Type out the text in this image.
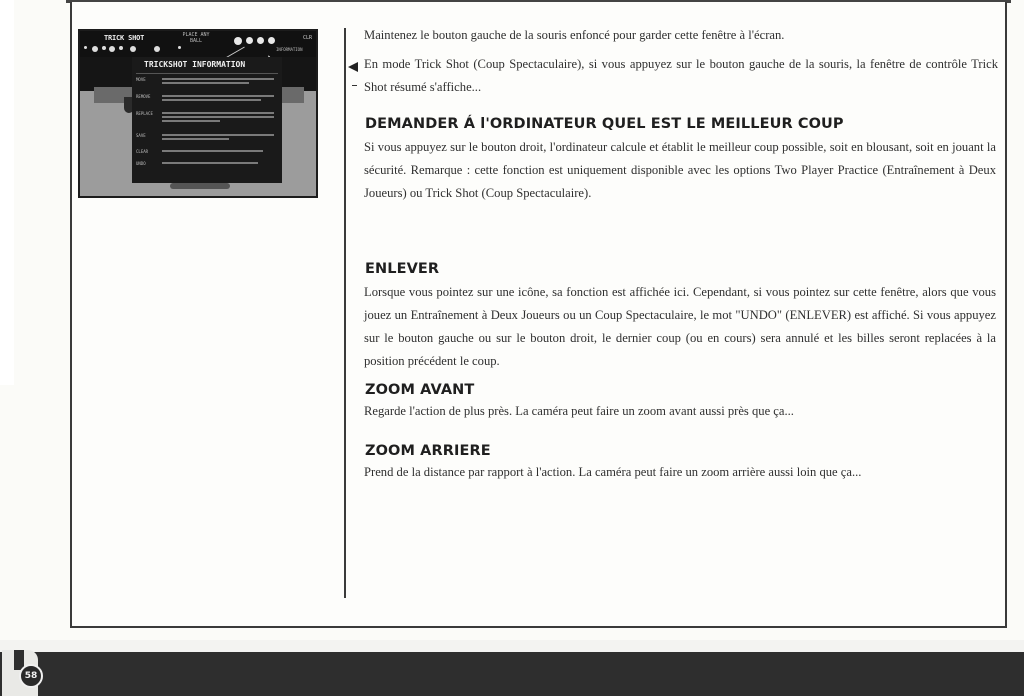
TRICK SHOT	PLACE ANY BALL	CLR
INFORMATION
TRICKSHOT INFORMATION
MOVE
REMOVE
REPLACE
SAVE
CLEAR
UNDO

Maintenez le bouton gauche de la souris enfoncé pour garder cette fenêtre à l'écran.

En mode Trick Shot (Coup Spectaculaire), si vous appuyez sur le bouton gauche de la souris, la fenêtre de contrôle Trick Shot résumé s'affiche...

DEMANDER Á l'ORDINATEUR QUEL EST LE MEILLEUR COUP

Si vous appuyez sur le bouton droit, l'ordinateur calcule et établit le meilleur coup possible, soit en blousant, soit en jouant la sécurité. Remarque : cette fonction est uniquement disponible avec les options Two Player Practice (Entraînement à Deux Joueurs) ou Trick Shot (Coup Spectaculaire).

ENLEVER

Lorsque vous pointez sur une icône, sa fonction est affichée ici. Cependant, si vous pointez sur cette fenêtre, alors que vous jouez un Entraînement à Deux Joueurs ou un Coup Spectaculaire, le mot "UNDO" (ENLEVER) est affiché. Si vous appuyez sur le bouton gauche ou sur le bouton droit, le dernier coup (ou en cours) sera annulé et les billes seront replacées à la position précédent le coup.

ZOOM AVANT

Regarde l'action de plus près. La caméra peut faire un zoom avant aussi près que ça...

ZOOM ARRIERE

Prend de la distance par rapport à l'action. La caméra peut faire un zoom arrière aussi loin que ça...

58
